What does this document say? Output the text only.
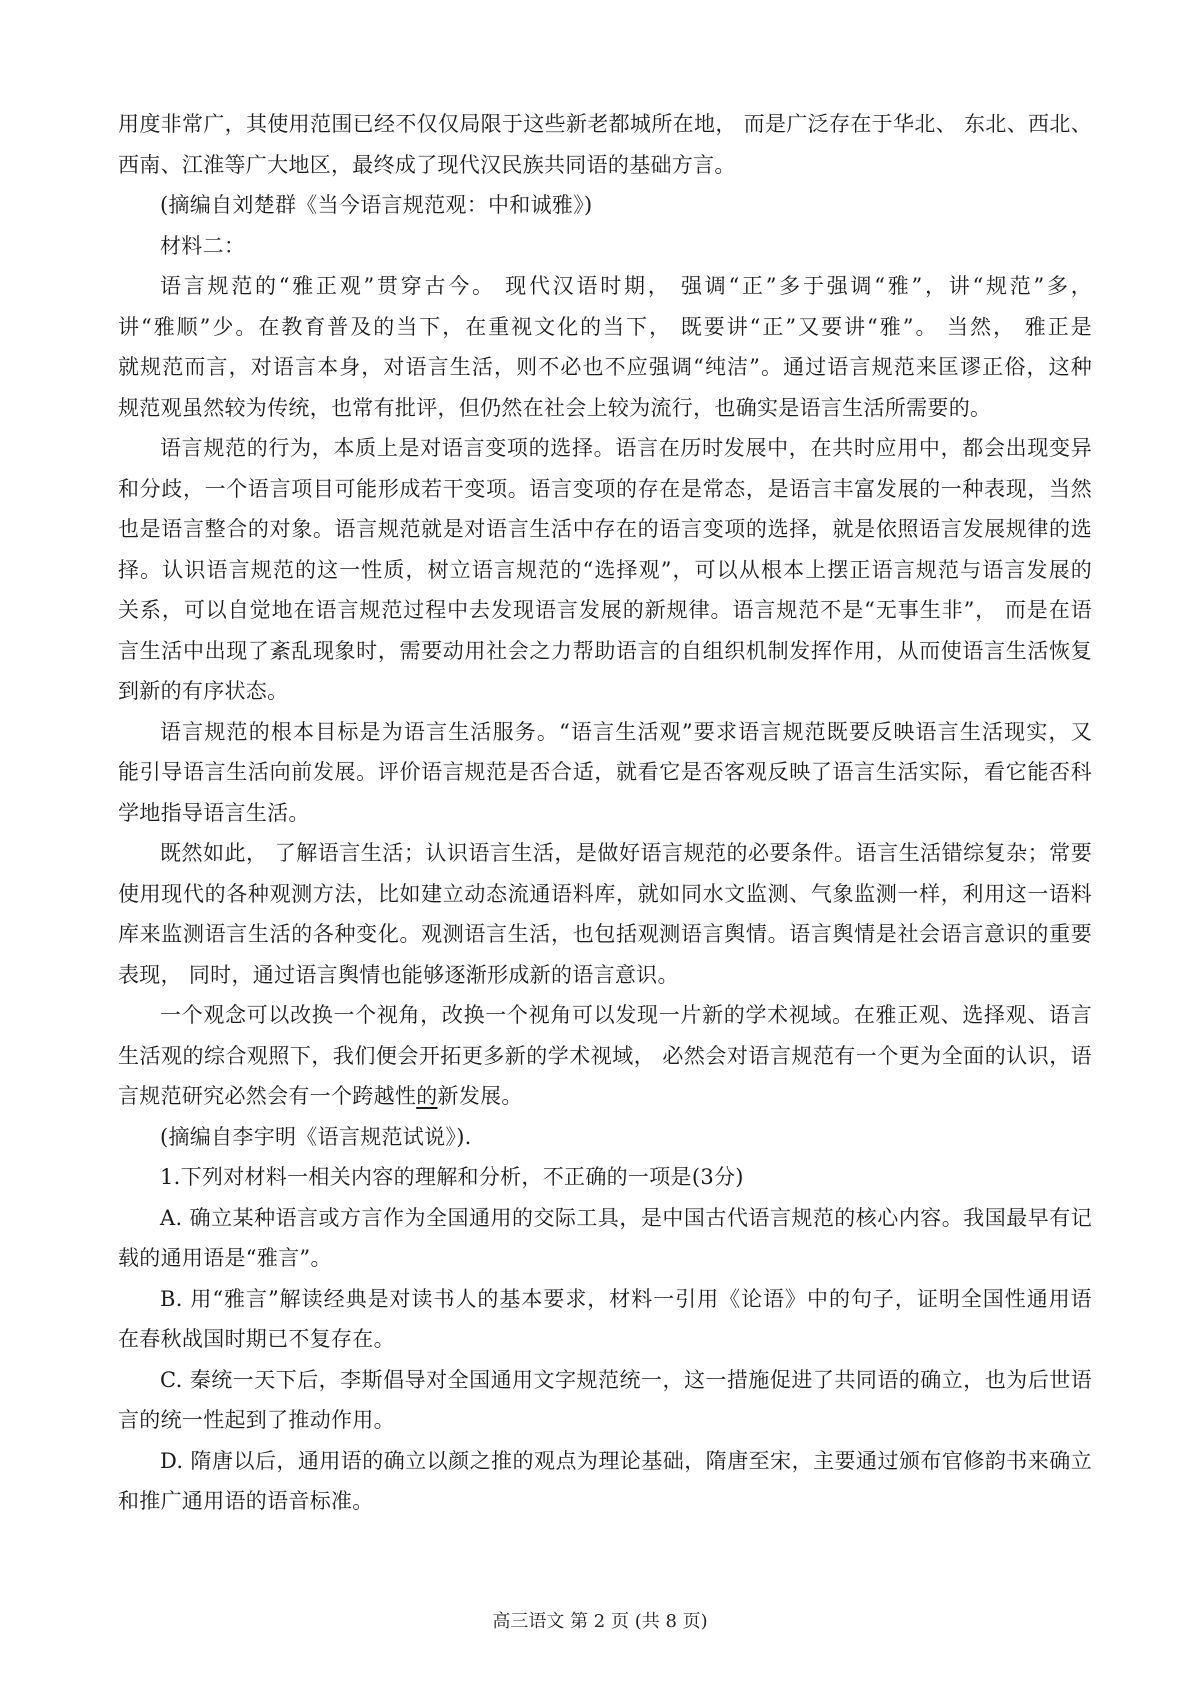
用度非常广，其使用范围已经不仅仅局限于这些新老都城所在地， 而是广泛存在于华北、 东北、西北、
西南、江淮等广大地区，最终成了现代汉民族共同语的基础方言。
(摘编自刘楚群《当今语言规范观：中和诚雅》)
材料二：
语言规范的“雅正观”贯穿古今。 现代汉语时期， 强调“正”多于强调“雅”，讲“规范”多，
讲“雅顺”少。在教育普及的当下，在重视文化的当下， 既要讲“正”又要讲“雅”。 当然， 雅正是
就规范而言，对语言本身，对语言生活，则不必也不应强调“纯洁”。通过语言规范来匡谬正俗，这种
规范观虽然较为传统，也常有批评，但仍然在社会上较为流行，也确实是语言生活所需要的。
语言规范的行为，本质上是对语言变项的选择。语言在历时发展中，在共时应用中，都会出现变异
和分歧，一个语言项目可能形成若干变项。语言变项的存在是常态，是语言丰富发展的一种表现，当然
也是语言整合的对象。语言规范就是对语言生活中存在的语言变项的选择，就是依照语言发展规律的选
择。认识语言规范的这一性质，树立语言规范的“选择观”，可以从根本上摆正语言规范与语言发展的
关系，可以自觉地在语言规范过程中去发现语言发展的新规律。语言规范不是“无事生非”， 而是在语
言生活中出现了紊乱现象时，需要动用社会之力帮助语言的自组织机制发挥作用，从而使语言生活恢复
到新的有序状态。
语言规范的根本目标是为语言生活服务。“语言生活观”要求语言规范既要反映语言生活现实，又
能引导语言生活向前发展。评价语言规范是否合适，就看它是否客观反映了语言生活实际，看它能否科
学地指导语言生活。
既然如此， 了解语言生活；认识语言生活，是做好语言规范的必要条件。语言生活错综复杂；常要
使用现代的各种观测方法，比如建立动态流通语料库，就如同水文监测、气象监测一样，利用这一语料
库来监测语言生活的各种变化。观测语言生活，也包括观测语言舆情。语言舆情是社会语言意识的重要
表现， 同时，通过语言舆情也能够逐渐形成新的语言意识。
一个观念可以改换一个视角，改换一个视角可以发现一片新的学术视域。在雅正观、选择观、语言
生活观的综合观照下，我们便会开拓更多新的学术视域， 必然会对语言规范有一个更为全面的认识，语
言规范研究必然会有一个跨越性的新发展。
(摘编自李宇明《语言规范试说》).
1.下列对材料一相关内容的理解和分析，不正确的一项是(3分)
A. 确立某种语言或方言作为全国通用的交际工具，是中国古代语言规范的核心内容。我国最早有记
载的通用语是“雅言”。
B. 用“雅言”解读经典是对读书人的基本要求，材料一引用《论语》中的句子，证明全国性通用语
在春秋战国时期已不复存在。
C. 秦统一天下后，李斯倡导对全国通用文字规范统一，这一措施促进了共同语的确立，也为后世语
言的统一性起到了推动作用。
D. 隋唐以后，通用语的确立以颜之推的观点为理论基础，隋唐至宋，主要通过颁布官修韵书来确立
和推广通用语的语音标准。
高三语文 第 2 页 (共 8 页)
